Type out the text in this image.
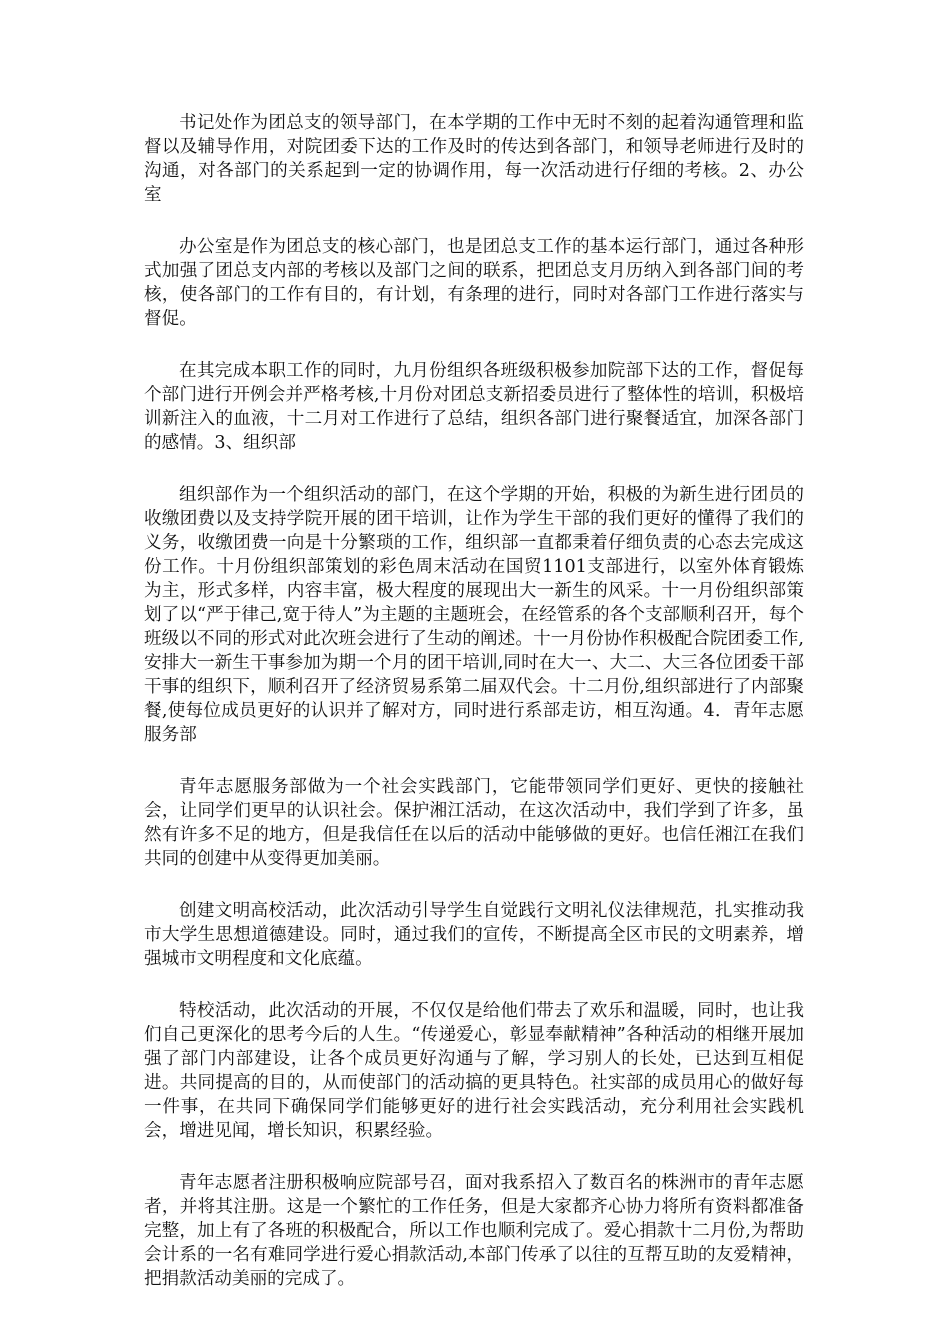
书记处作为团总支的领导部门，在本学期的工作中无时不刻的起着沟通管理和监督以及辅导作用，对院团委下达的工作及时的传达到各部门，和领导老师进行及时的沟通，对各部门的关系起到一定的协调作用，每一次活动进行仔细的考核。2、办公室

办公室是作为团总支的核心部门，也是团总支工作的基本运行部门，通过各种形式加强了团总支内部的考核以及部门之间的联系，把团总支月历纳入到各部门间的考核，使各部门的工作有目的，有计划，有条理的进行，同时对各部门工作进行落实与督促。

在其完成本职工作的同时，九月份组织各班级积极参加院部下达的工作，督促每个部门进行开例会并严格考核,十月份对团总支新招委员进行了整体性的培训，积极培训新注入的血液，十二月对工作进行了总结，组织各部门进行聚餐适宜，加深各部门的感情。3、组织部

组织部作为一个组织活动的部门，在这个学期的开始，积极的为新生进行团员的收缴团费以及支持学院开展的团干培训，让作为学生干部的我们更好的懂得了我们的义务，收缴团费一向是十分繁琐的工作，组织部一直都秉着仔细负责的心态去完成这份工作。十月份组织部策划的彩色周末活动在国贸1101支部进行，以室外体育锻炼为主，形式多样，内容丰富，极大程度的展现出大一新生的风采。十一月份组织部策划了以“严于律己,宽于待人”为主题的主题班会，在经管系的各个支部顺利召开，每个班级以不同的形式对此次班会进行了生动的阐述。十一月份协作积极配合院团委工作,安排大一新生干事参加为期一个月的团干培训,同时在大一、大二、大三各位团委干部干事的组织下，顺利召开了经济贸易系第二届双代会。十二月份,组织部进行了内部聚餐,使每位成员更好的认识并了解对方，同时进行系部走访，相互沟通。4．青年志愿服务部

青年志愿服务部做为一个社会实践部门，它能带领同学们更好、更快的接触社会，让同学们更早的认识社会。保护湘江活动，在这次活动中，我们学到了许多，虽然有许多不足的地方，但是我信任在以后的活动中能够做的更好。也信任湘江在我们共同的创建中从变得更加美丽。

创建文明高校活动，此次活动引导学生自觉践行文明礼仪法律规范，扎实推动我市大学生思想道德建设。同时，通过我们的宣传，不断提高全区市民的文明素养，增强城市文明程度和文化底蕴。

特校活动，此次活动的开展，不仅仅是给他们带去了欢乐和温暖，同时，也让我们自己更深化的思考今后的人生。“传递爱心，彰显奉献精神”各种活动的相继开展加强了部门内部建设，让各个成员更好沟通与了解，学习别人的长处，已达到互相促进。共同提高的目的，从而使部门的活动搞的更具特色。社实部的成员用心的做好每一件事，在共同下确保同学们能够更好的进行社会实践活动，充分利用社会实践机会，增进见闻，增长知识，积累经验。

青年志愿者注册积极响应院部号召，面对我系招入了数百名的株洲市的青年志愿者，并将其注册。这是一个繁忙的工作任务，但是大家都齐心协力将所有资料都准备完整，加上有了各班的积极配合，所以工作也顺利完成了。爱心捐款十二月份,为帮助会计系的一名有难同学进行爱心捐款活动,本部门传承了以往的互帮互助的友爱精神，把捐款活动美丽的完成了。
